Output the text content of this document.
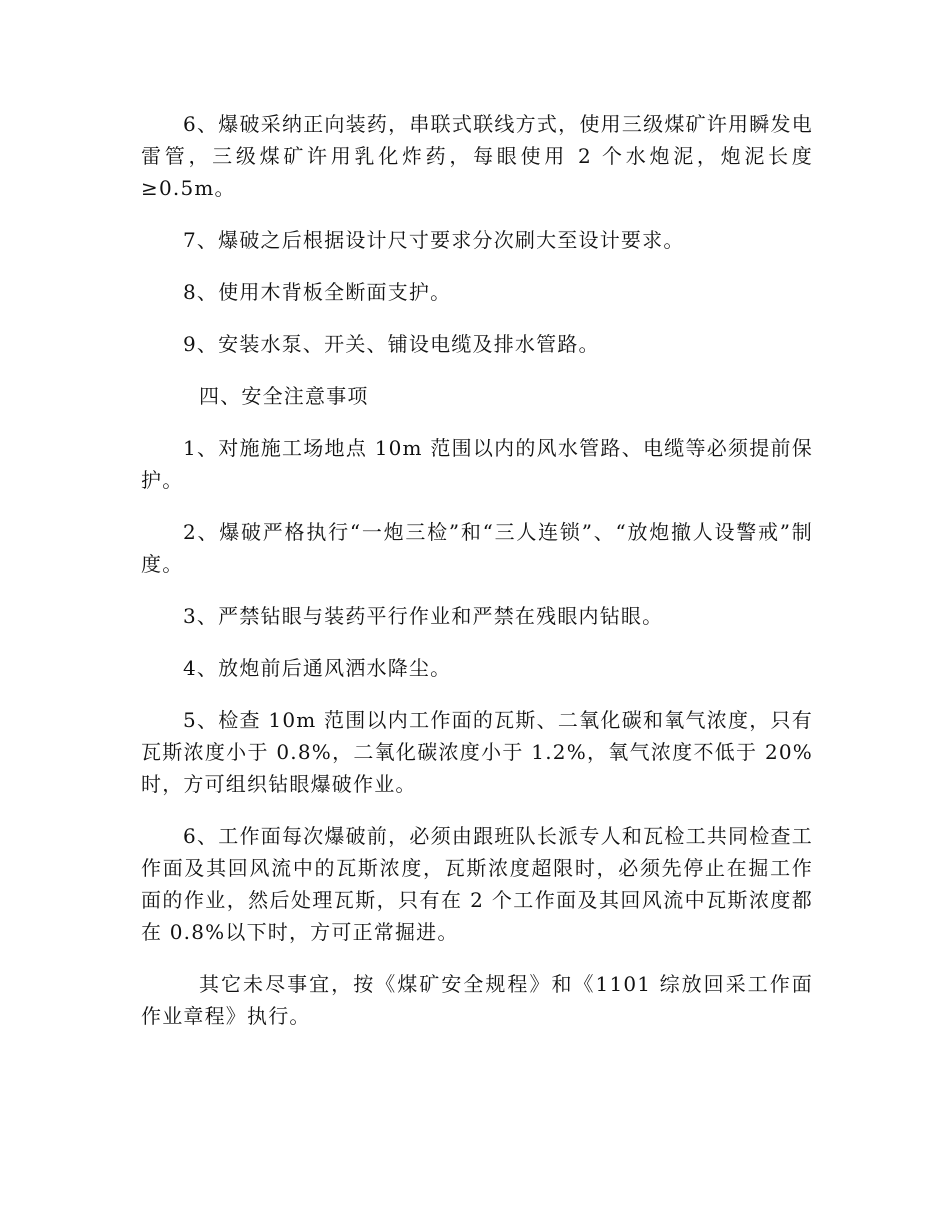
6、爆破采纳正向装药，串联式联线方式，使用三级煤矿许用瞬发电雷管，三级煤矿许用乳化炸药，每眼使用 2 个水炮泥，炮泥长度≥0.5m。

7、爆破之后根据设计尺寸要求分次刷大至设计要求。

8、使用木背板全断面支护。

9、安装水泵、开关、铺设电缆及排水管路。

四、安全注意事项

1、对施施工场地点 10m 范围以内的风水管路、电缆等必须提前保护。

2、爆破严格执行“一炮三检”和“三人连锁”、“放炮撤人设警戒”制度。

3、严禁钻眼与装药平行作业和严禁在残眼内钻眼。

4、放炮前后通风洒水降尘。

5、检查 10m 范围以内工作面的瓦斯、二氧化碳和氧气浓度，只有瓦斯浓度小于 0.8%，二氧化碳浓度小于 1.2%，氧气浓度不低于 20%时，方可组织钻眼爆破作业。

6、工作面每次爆破前，必须由跟班队长派专人和瓦检工共同检查工作面及其回风流中的瓦斯浓度，瓦斯浓度超限时，必须先停止在掘工作面的作业，然后处理瓦斯，只有在 2 个工作面及其回风流中瓦斯浓度都在 0.8%以下时，方可正常掘进。

其它未尽事宜，按《煤矿安全规程》和《1101 综放回采工作面作业章程》执行。
